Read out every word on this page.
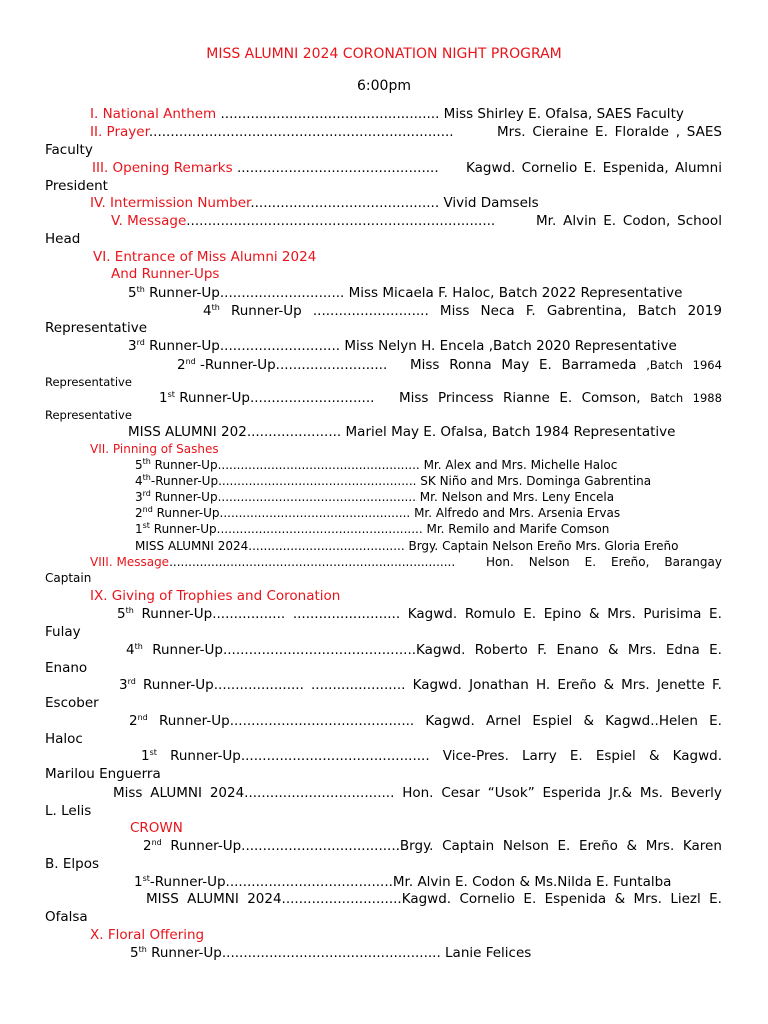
MISS ALUMNI 2024 CORONATION NIGHT PROGRAM
6:00pm
I. National Anthem ................................................... Miss Shirley E. Ofalsa, SAES Faculty
II. Prayer.......................................................................	Mrs. Cieraine E. Floralde , SAES
Faculty
III. Opening Remarks ............................................... Kagwd. Cornelio E. Espenida, Alumni
President
IV. Intermission Number............................................ Vivid Damsels
V. Message........................................................................	Mr. Alvin E. Codon, School
Head
VI. Entrance of Miss Alumni 2024
And Runner-Ups
5th Runner-Up............................. Miss Micaela F. Haloc, Batch 2022 Representative
4th Runner-Up ........................... Miss Neca F. Gabrentina, Batch 2019
Representative
3rd Runner-Up............................ Miss Nelyn H. Encela ,Batch 2020 Representative
2nd -Runner-Up.......................... Miss Ronna May E. Barrameda ,Batch 1964
Representative
1st Runner-Up............................. Miss Princess Rianne E. Comson, Batch 1988
Representative
MISS ALUMNI 202...................... Mariel May E. Ofalsa, Batch 1984 Representative
VII. Pinning of Sashes
5th Runner-Up..................................................... Mr. Alex and Mrs. Michelle Haloc
4th-Runner-Up.................................................... SK Niño and Mrs. Dominga Gabrentina
3rd Runner-Up.................................................... Mr. Nelson and Mrs. Leny Encela
2nd Runner-Up.................................................. Mr. Alfredo and Mrs. Arsenia Ervas
1st Runner-Up...................................................... Mr. Remilo and Marife Comson
MISS ALUMNI 2024......................................... Brgy. Captain Nelson Ereño Mrs. Gloria Ereño
VIII. Message...........................................................................	Hon. Nelson E. Ereño, Barangay
Captain
IX. Giving of Trophies and Coronation
5th Runner-Up................. ......................... Kagwd. Romulo E. Epino & Mrs. Purisima E.
Fulay
4th Runner-Up.............................................Kagwd. Roberto F. Enano & Mrs. Edna E.
Enano
3rd Runner-Up..................... ...................... Kagwd. Jonathan H. Ereño & Mrs. Jenette F.
Escober
2nd Runner-Up........................................... Kagwd. Arnel Espiel & Kagwd..Helen E.
Haloc
1st Runner-Up............................................ Vice-Pres. Larry E. Espiel & Kagwd.
Marilou Enguerra
Miss ALUMNI 2024................................... Hon. Cesar “Usok” Esperida Jr.& Ms. Beverly
L. Lelis
CROWN
2nd Runner-Up.....................................Brgy. Captain Nelson E. Ereño & Mrs. Karen
B. Elpos
1st-Runner-Up.......................................Mr. Alvin E. Codon & Ms.Nilda E. Funtalba
MISS ALUMNI 2024............................Kagwd. Cornelio E. Espenida & Mrs. Liezl E.
Ofalsa
X. Floral Offering
5th Runner-Up................................................... Lanie Felices
